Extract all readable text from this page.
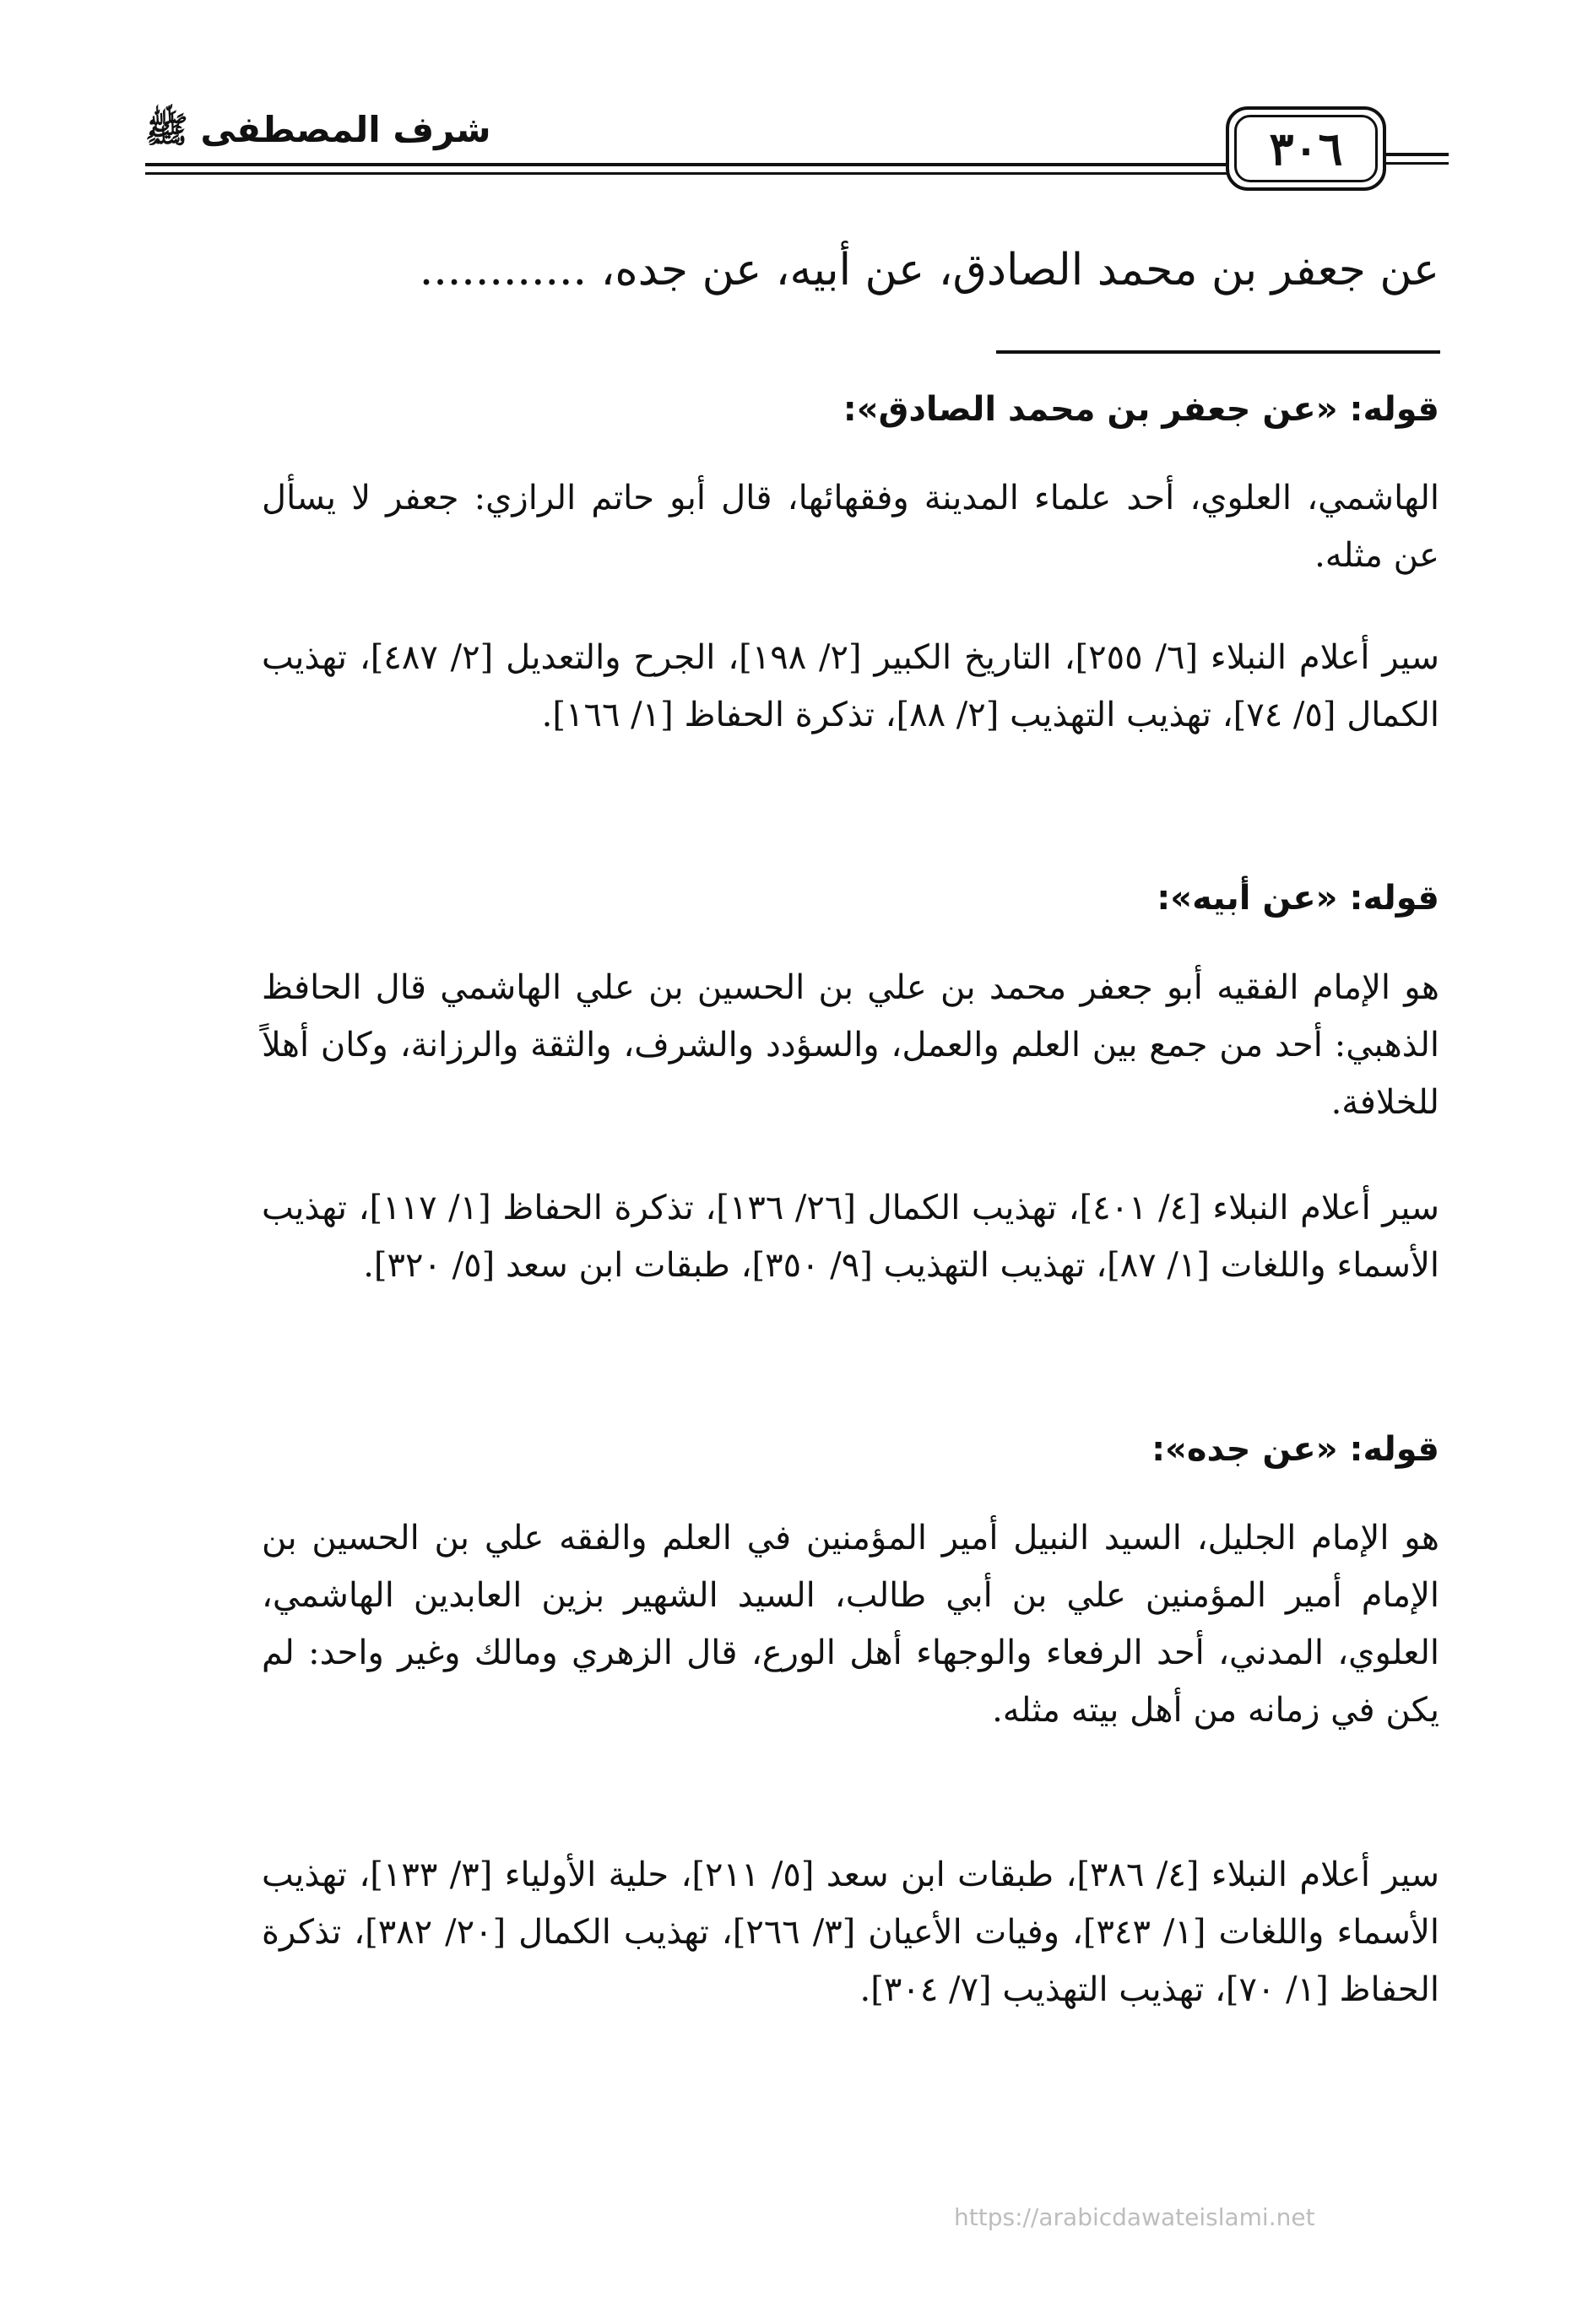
شرف المصطفى ﷺ	٣٠٦
عن جعفر بن محمد الصادق، عن أبيه، عن جده، ............
قوله: «عن جعفر بن محمد الصادق»:
الهاشمي، العلوي، أحد علماء المدينة وفقهائها، قال أبو حاتم الرازي: جعفر لا يسأل عن مثله.
سير أعلام النبلاء [٦/ ٢٥٥]، التاريخ الكبير [٢/ ١٩٨]، الجرح والتعديل [٢/ ٤٨٧]، تهذيب الكمال [٥/ ٧٤]، تهذيب التهذيب [٢/ ٨٨]، تذكرة الحفاظ [١/ ١٦٦].
قوله: «عن أبيه»:
هو الإمام الفقيه أبو جعفر محمد بن علي بن الحسين بن علي الهاشمي قال الحافظ الذهبي: أحد من جمع بين العلم والعمل، والسؤدد والشرف، والثقة والرزانة، وكان أهلاً للخلافة.
سير أعلام النبلاء [٤/ ٤٠١]، تهذيب الكمال [٢٦/ ١٣٦]، تذكرة الحفاظ [١/ ١١٧]، تهذيب الأسماء واللغات [١/ ٨٧]، تهذيب التهذيب [٩/ ٣٥٠]، طبقات ابن سعد [٥/ ٣٢٠].
قوله: «عن جده»:
هو الإمام الجليل، السيد النبيل أمير المؤمنين في العلم والفقه علي بن الحسين بن الإمام أمير المؤمنين علي بن أبي طالب، السيد الشهير بزين العابدين الهاشمي، العلوي، المدني، أحد الرفعاء والوجهاء أهل الورع، قال الزهري ومالك وغير واحد: لم يكن في زمانه من أهل بيته مثله.
سير أعلام النبلاء [٤/ ٣٨٦]، طبقات ابن سعد [٥/ ٢١١]، حلية الأولياء [٣/ ١٣٣]، تهذيب الأسماء واللغات [١/ ٣٤٣]، وفيات الأعيان [٣/ ٢٦٦]، تهذيب الكمال [٢٠/ ٣٨٢]، تذكرة الحفاظ [١/ ٧٠]، تهذيب التهذيب [٧/ ٣٠٤].
https://arabicdawateislami.net
